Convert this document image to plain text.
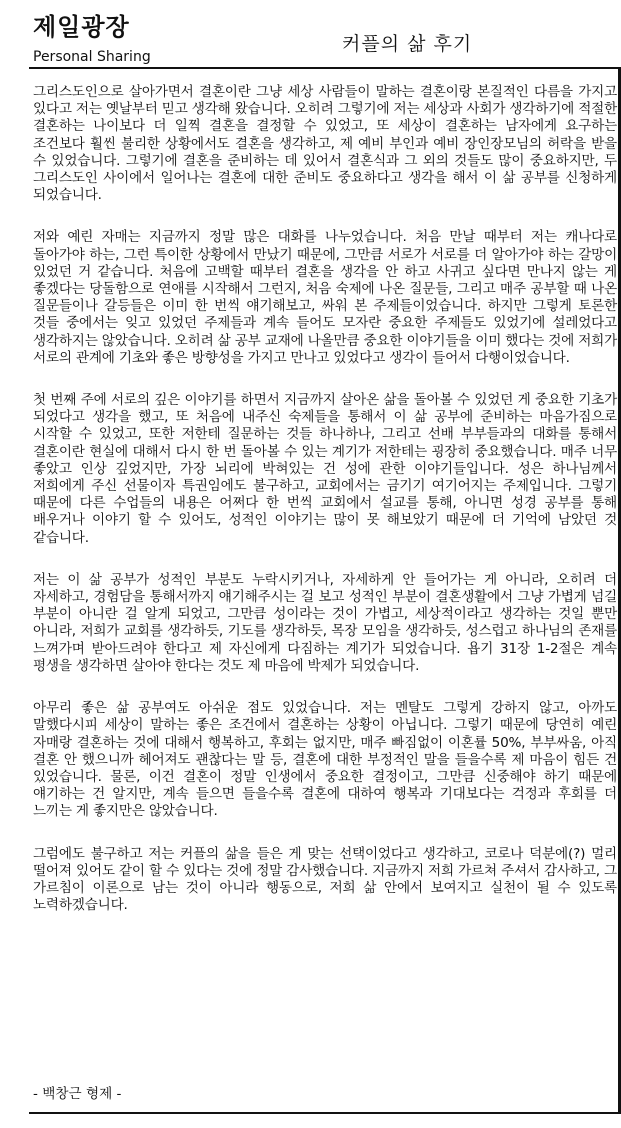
제일광장
Personal Sharing
커플의 삶 후기

그리스도인으로 살아가면서 결혼이란 그냥 세상 사람들이 말하는 결혼이랑 본질적인 다름을 가지고 있다고 저는 옛날부터 믿고 생각해 왔습니다. 오히려 그렇기에 저는 세상과 사회가 생각하기에 적절한 결혼하는 나이보다 더 일찍 결혼을 결정할 수 있었고, 또 세상이 결혼하는 남자에게 요구하는 조건보다 훨씬 불리한 상황에서도 결혼을 생각하고, 제 예비 부인과 예비 장인장모님의 허락을 받을 수 있었습니다. 그렇기에 결혼을 준비하는 데 있어서 결혼식과 그 외의 것들도 많이 중요하지만, 두 그리스도인 사이에서 일어나는 결혼에 대한 준비도 중요하다고 생각을 해서 이 삶 공부를 신청하게 되었습니다.

저와 예린 자매는 지금까지 정말 많은 대화를 나누었습니다. 처음 만날 때부터 저는 캐나다로 돌아가야 하는, 그런 특이한 상황에서 만났기 때문에, 그만큼 서로가 서로를 더 알아가야 하는 갈망이 있었던 거 같습니다. 처음에 고백할 때부터 결혼을 생각을 안 하고 사귀고 싶다면 만나지 않는 게 좋겠다는 당돌함으로 연애를 시작해서 그런지, 처음 숙제에 나온 질문들, 그리고 매주 공부할 때 나온 질문들이나 갈등들은 이미 한 번씩 얘기해보고, 싸워 본 주제들이었습니다. 하지만 그렇게 토론한 것들 중에서는 잊고 있었던 주제들과 계속 들어도 모자란 중요한 주제들도 있었기에 설레었다고 생각하지는 않았습니다. 오히려 삶 공부 교재에 나올만큼 중요한 이야기들을 이미 했다는 것에 저희가 서로의 관계에 기초와 좋은 방향성을 가지고 만나고 있었다고 생각이 들어서 다행이었습니다.

첫 번째 주에 서로의 깊은 이야기를 하면서 지금까지 살아온 삶을 돌아볼 수 있었던 게 중요한 기초가 되었다고 생각을 했고, 또 처음에 내주신 숙제들을 통해서 이 삶 공부에 준비하는 마음가짐으로 시작할 수 있었고, 또한 저한테 질문하는 것들 하나하나, 그리고 선배 부부들과의 대화를 통해서 결혼이란 현실에 대해서 다시 한 번 돌아볼 수 있는 계기가 저한테는 굉장히 중요했습니다. 매주 너무 좋았고 인상 깊었지만, 가장 뇌리에 박혀있는 건 성에 관한 이야기들입니다. 성은 하나님께서 저희에게 주신 선물이자 특권임에도 불구하고, 교회에서는 금기기 여기어지는 주제입니다. 그렇기 때문에 다른 수업들의 내용은 어쩌다 한 번씩 교회에서 설교를 통해, 아니면 성경 공부를 통해 배우거나 이야기 할 수 있어도, 성적인 이야기는 많이 못 해보았기 때문에 더 기억에 남았던 것 같습니다.

저는 이 삶 공부가 성적인 부분도 누락시키거나, 자세하게 안 들어가는 게 아니라, 오히려 더 자세하고, 경험담을 통해서까지 얘기해주시는 걸 보고 성적인 부분이 결혼생활에서 그냥 가볍게 넘길 부분이 아니란 걸 알게 되었고, 그만큼 성이라는 것이 가볍고, 세상적이라고 생각하는 것일 뿐만 아니라, 저희가 교회를 생각하듯, 기도를 생각하듯, 목장 모임을 생각하듯, 성스럽고 하나님의 존재를 느껴가며 받아드려야 한다고 제 자신에게 다짐하는 계기가 되었습니다. 욥기 31장 1-2절은 계속 평생을 생각하면 살아야 한다는 것도 제 마음에 박제가 되었습니다.

아무리 좋은 삶 공부여도 아쉬운 점도 있었습니다. 저는 멘탈도 그렇게 강하지 않고, 아까도 말했다시피 세상이 말하는 좋은 조건에서 결혼하는 상황이 아닙니다. 그렇기 때문에 당연히 예린 자매랑 결혼하는 것에 대해서 행복하고, 후회는 없지만, 매주 빠짐없이 이혼률 50%, 부부싸움, 아직 결혼 안 했으니까 헤어져도 괜찮다는 말 등, 결혼에 대한 부정적인 말을 들을수록 제 마음이 힘든 건 있었습니다. 물론, 이건 결혼이 정말 인생에서 중요한 결정이고, 그만큼 신중해야 하기 때문에 얘기하는 건 알지만, 계속 들으면 들을수록 결혼에 대하여 행복과 기대보다는 걱정과 후회를 더 느끼는 게 좋지만은 않았습니다.

그럼에도 불구하고 저는 커플의 삶을 들은 게 맞는 선택이었다고 생각하고, 코로나 덕분에(?) 멀리 떨어져 있어도 같이 할 수 있다는 것에 정말 감사했습니다. 지금까지 저희 가르쳐 주셔서 감사하고, 그 가르침이 이론으로 남는 것이 아니라 행동으로, 저희 삶 안에서 보여지고 실천이 될 수 있도록 노력하겠습니다.

- 백창근 형제 -
